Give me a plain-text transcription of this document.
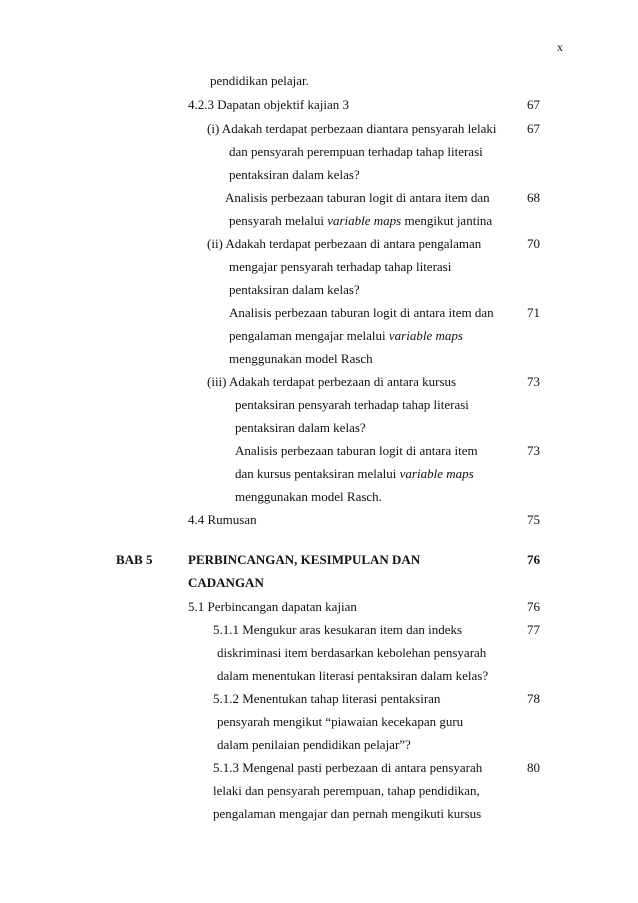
x
pendidikan pelajar.
4.2.3 Dapatan objektif kajian 3	67
(i) Adakah terdapat perbezaan diantara pensyarah lelaki 67
dan pensyarah perempuan terhadap tahap literasi
pentaksiran dalam kelas?
Analisis perbezaan taburan logit di antara item dan	68
pensyarah melalui variable maps mengikut jantina
(ii) Adakah terdapat perbezaan di antara pengalaman	70
mengajar pensyarah terhadap tahap literasi
pentaksiran dalam kelas?
Analisis perbezaan taburan logit di antara item dan	71
pengalaman mengajar melalui variable maps
menggunakan model Rasch
(iii) Adakah terdapat perbezaan di antara kursus	73
pentaksiran pensyarah terhadap tahap literasi
pentaksiran dalam kelas?
Analisis perbezaan taburan logit di antara item	73
dan kursus pentaksiran melalui variable maps
menggunakan model Rasch.
4.4 Rumusan	75
BAB 5	PERBINCANGAN, KESIMPULAN DAN	76
CADANGAN
5.1 Perbincangan dapatan kajian	76
5.1.1 Mengukur aras kesukaran item dan indeks	77
diskriminasi item berdasarkan kebolehan pensyarah
dalam menentukan literasi pentaksiran dalam kelas?
5.1.2 Menentukan tahap literasi pentaksiran	78
pensyarah mengikut “piawaian kecekapan guru
dalam penilaian pendidikan pelajar”?
5.1.3 Mengenal pasti perbezaan di antara pensyarah	80
lelaki dan pensyarah perempuan, tahap pendidikan,
pengalaman mengajar dan pernah mengikuti kursus
